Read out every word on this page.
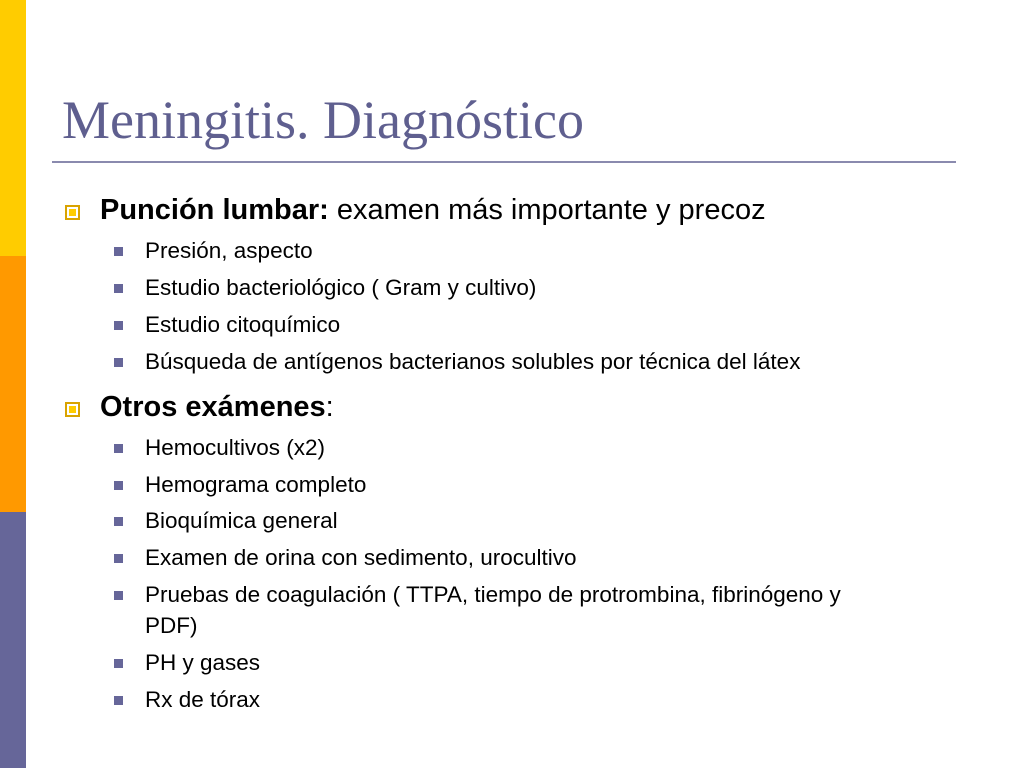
Meningitis. Diagnóstico
Punción lumbar: examen más importante y precoz
Presión, aspecto
Estudio bacteriológico ( Gram y cultivo)
Estudio citoquímico
Búsqueda de antígenos bacterianos solubles por técnica del látex
Otros exámenes:
Hemocultivos (x2)
Hemograma completo
Bioquímica general
Examen de orina con sedimento, urocultivo
Pruebas de coagulación ( TTPA, tiempo de protrombina, fibrinógeno y
PDF)
PH y gases
Rx de tórax
